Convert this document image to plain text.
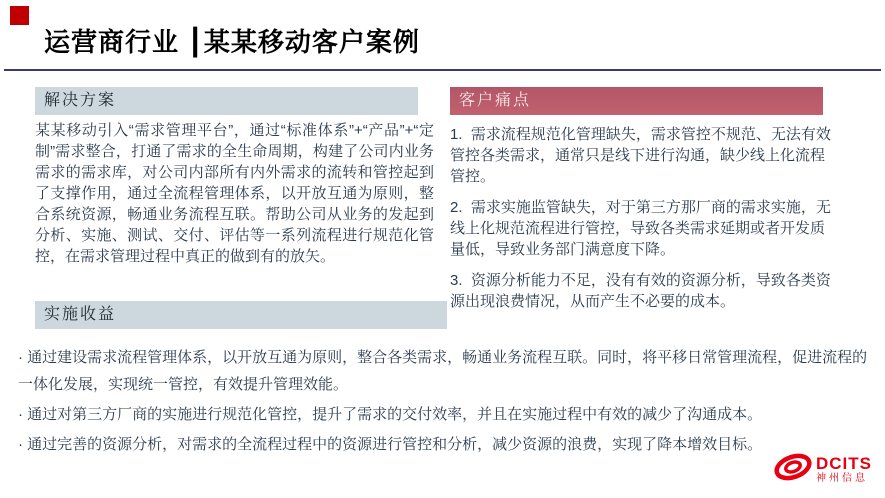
运营商行业 ┃某某移动客户案例
解决方案
某某移动引入“需求管理平台”，通过“标准体系”+“产品”+“定制”需求整合，打通了需求的全生命周期，构建了公司内业务需求的需求库，对公司内部所有内外需求的流转和管控起到了支撑作用，通过全流程管理体系，以开放互通为原则，整合系统资源，畅通业务流程互联。帮助公司从业务的发起到分析、实施、测试、交付、评估等一系列流程进行规范化管控，在需求管理过程中真正的做到有的放矢。
客户痛点

1.  需求流程规范化管理缺失，需求管控不规范、无法有效管控各类需求，通常只是线下进行沟通，缺少线上化流程管控。

2.  需求实施监管缺失，对于第三方那厂商的需求实施，无线上化规范流程进行管控，导致各类需求延期或者开发质量低，导致业务部门满意度下降。

3.  资源分析能力不足，没有有效的资源分析，导致各类资源出现浪费情况，从而产生不必要的成本。

实施收益

· 通过建设需求流程管理体系，以开放互通为原则，整合各类需求，畅通业务流程互联。同时，将平移日常管理流程，促进流程的一体化发展，实现统一管控，有效提升管理效能。

· 通过对第三方厂商的实施进行规范化管控，提升了需求的交付效率，并且在实施过程中有效的减少了沟通成本。

· 通过完善的资源分析，对需求的全流程过程中的资源进行管控和分析，减少资源的浪费，实现了降本增效目标。

DCITS
神州信息
